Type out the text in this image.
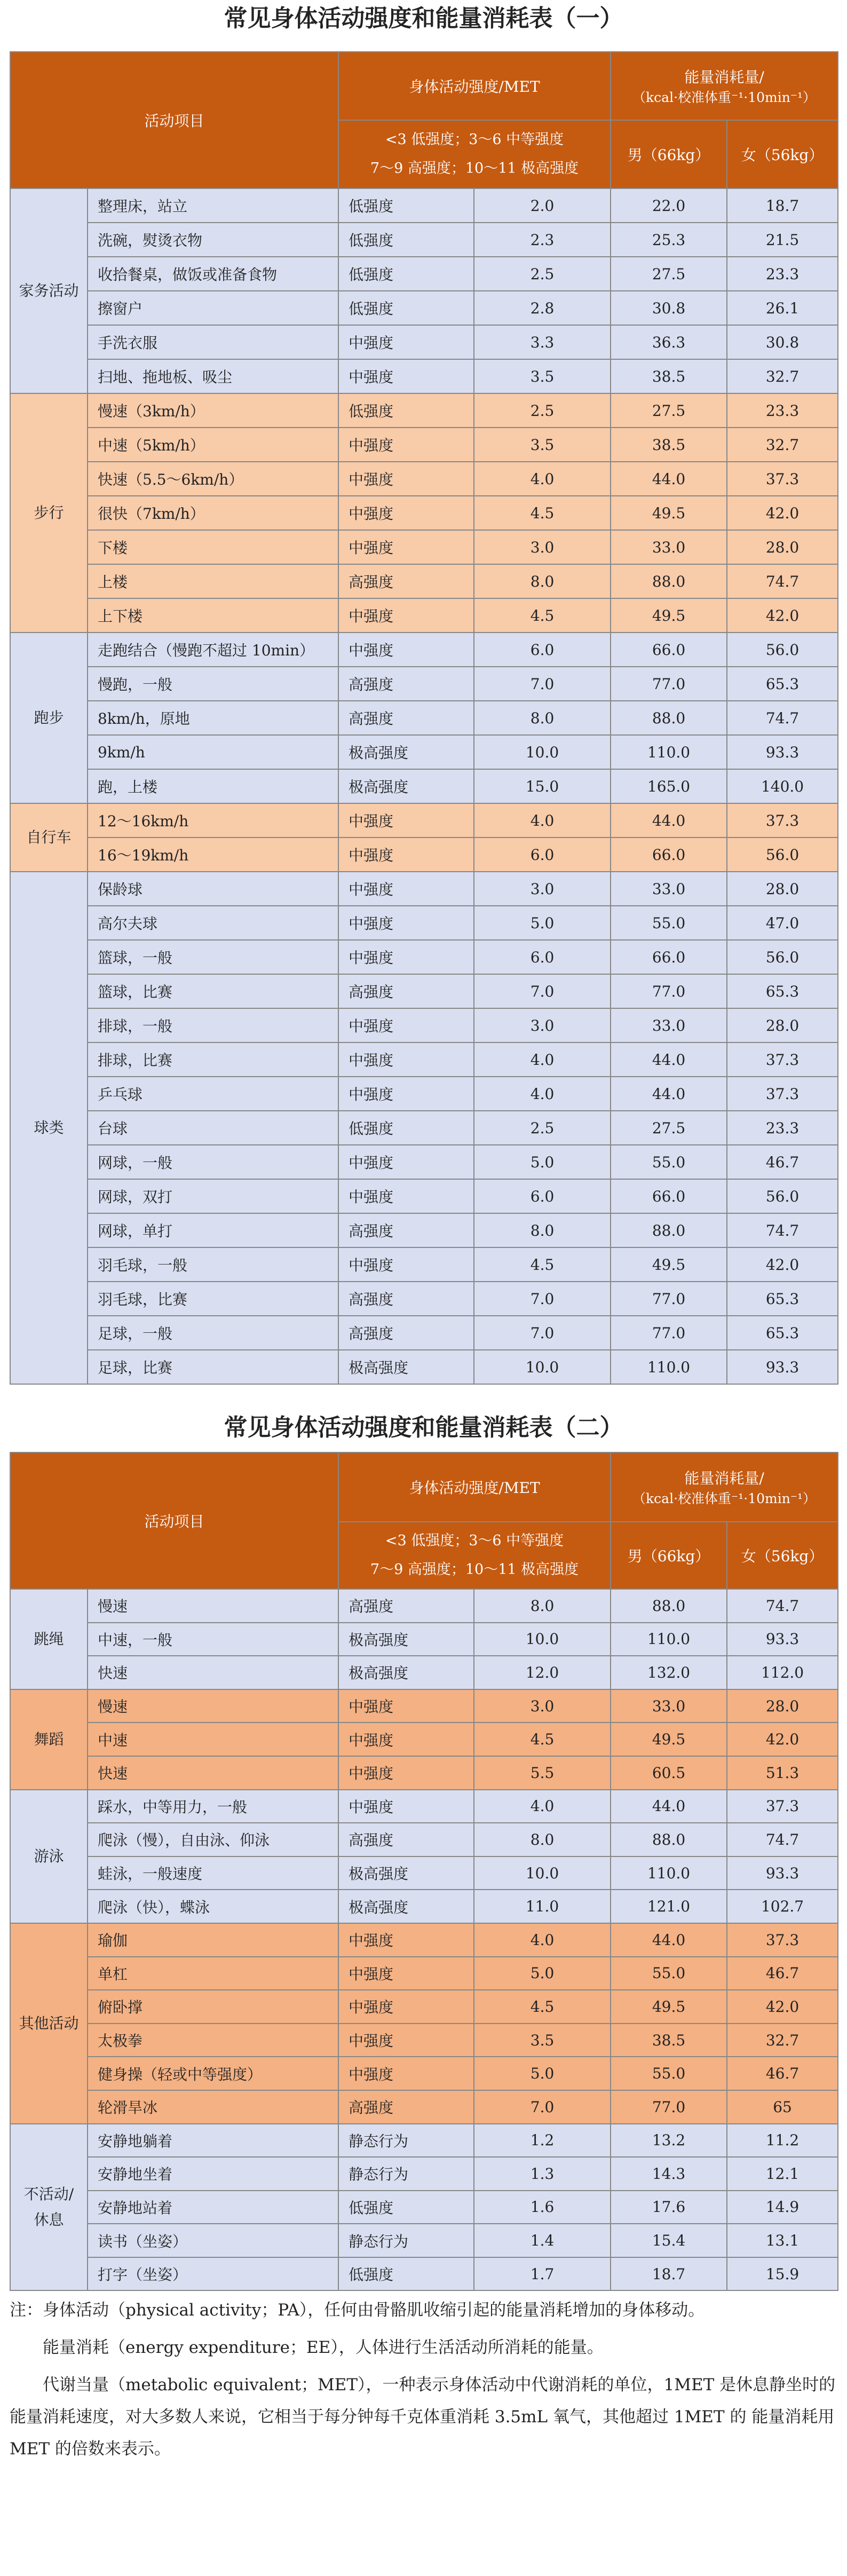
常见身体活动强度和能量消耗表（一）
活动项目		身体活动强度/MET		能量消耗量/
（kcal·校准体重⁻¹·10min⁻¹）	

		<3 低强度；3～6 中等强度
7～9 高强度；10～11 极高强度		男（66kg）	女（56kg）
家务活动	整理床，站立	低强度	2.0	22.0	18.7
	洗碗，熨烫衣物	低强度	2.3	25.3	21.5
	收拾餐桌，做饭或准备食物	低强度	2.5	27.5	23.3
	擦窗户	低强度	2.8	30.8	26.1
	手洗衣服	中强度	3.3	36.3	30.8
	扫地、拖地板、吸尘	中强度	3.5	38.5	32.7
步行	慢速（3km/h）	低强度	2.5	27.5	23.3
	中速（5km/h）	中强度	3.5	38.5	32.7
	快速（5.5～6km/h）	中强度	4.0	44.0	37.3
	很快（7km/h）	中强度	4.5	49.5	42.0
	下楼	中强度	3.0	33.0	28.0
	上楼	高强度	8.0	88.0	74.7
	上下楼	中强度	4.5	49.5	42.0
跑步	走跑结合（慢跑不超过 10min）	中强度	6.0	66.0	56.0
	慢跑，一般	高强度	7.0	77.0	65.3
	8km/h，原地	高强度	8.0	88.0	74.7
	9km/h	极高强度	10.0	110.0	93.3
	跑，上楼	极高强度	15.0	165.0	140.0
自行车	12～16km/h	中强度	4.0	44.0	37.3
	16～19km/h	中强度	6.0	66.0	56.0
球类	保龄球	中强度	3.0	33.0	28.0
	高尔夫球	中强度	5.0	55.0	47.0
	篮球，一般	中强度	6.0	66.0	56.0
	篮球，比赛	高强度	7.0	77.0	65.3
	排球，一般	中强度	3.0	33.0	28.0
	排球，比赛	中强度	4.0	44.0	37.3
	乒乓球	中强度	4.0	44.0	37.3
	台球	低强度	2.5	27.5	23.3
	网球，一般	中强度	5.0	55.0	46.7
	网球，双打	中强度	6.0	66.0	56.0
	网球，单打	高强度	8.0	88.0	74.7
	羽毛球，一般	中强度	4.5	49.5	42.0
	羽毛球，比赛	高强度	7.0	77.0	65.3
	足球，一般	高强度	7.0	77.0	65.3
	足球，比赛	极高强度	10.0	110.0	93.3
常见身体活动强度和能量消耗表（二）
活动项目		身体活动强度/MET		能量消耗量/
（kcal·校准体重⁻¹·10min⁻¹）	

		<3 低强度；3～6 中等强度
7～9 高强度；10～11 极高强度		男（66kg）	女（56kg）
跳绳	慢速	高强度	8.0	88.0	74.7
	中速，一般	极高强度	10.0	110.0	93.3
	快速	极高强度	12.0	132.0	112.0
舞蹈	慢速	中强度	3.0	33.0	28.0
	中速	中强度	4.5	49.5	42.0
	快速	中强度	5.5	60.5	51.3
游泳	踩水，中等用力，一般	中强度	4.0	44.0	37.3
	爬泳（慢），自由泳、仰泳	高强度	8.0	88.0	74.7
	蛙泳，一般速度	极高强度	10.0	110.0	93.3
	爬泳（快），蝶泳	极高强度	11.0	121.0	102.7
其他活动	瑜伽	中强度	4.0	44.0	37.3
	单杠	中强度	5.0	55.0	46.7
	俯卧撑	中强度	4.5	49.5	42.0
	太极拳	中强度	3.5	38.5	32.7
	健身操（轻或中等强度）	中强度	5.0	55.0	46.7
	轮滑旱冰	高强度	7.0	77.0	65
不活动/休息	安静地躺着	静态行为	1.2	13.2	11.2
	安静地坐着	静态行为	1.3	14.3	12.1
	安静地站着	低强度	1.6	17.6	14.9
	读书（坐姿）	静态行为	1.4	15.4	13.1
	打字（坐姿）	低强度	1.7	18.7	15.9

注：身体活动（physical activity；PA），任何由骨骼肌收缩引起的能量消耗增加的身体移动。

能量消耗（energy expenditure；EE），人体进行生活活动所消耗的能量。

代谢当量（metabolic equivalent；MET），一种表示身体活动中代谢消耗的单位，1MET 是休息静坐时的能量消耗速度，对大多数人来说，它相当于每分钟每千克体重消耗 3.5mL 氧气，其他超过 1MET 的 能量消耗用 MET 的倍数来表示。
